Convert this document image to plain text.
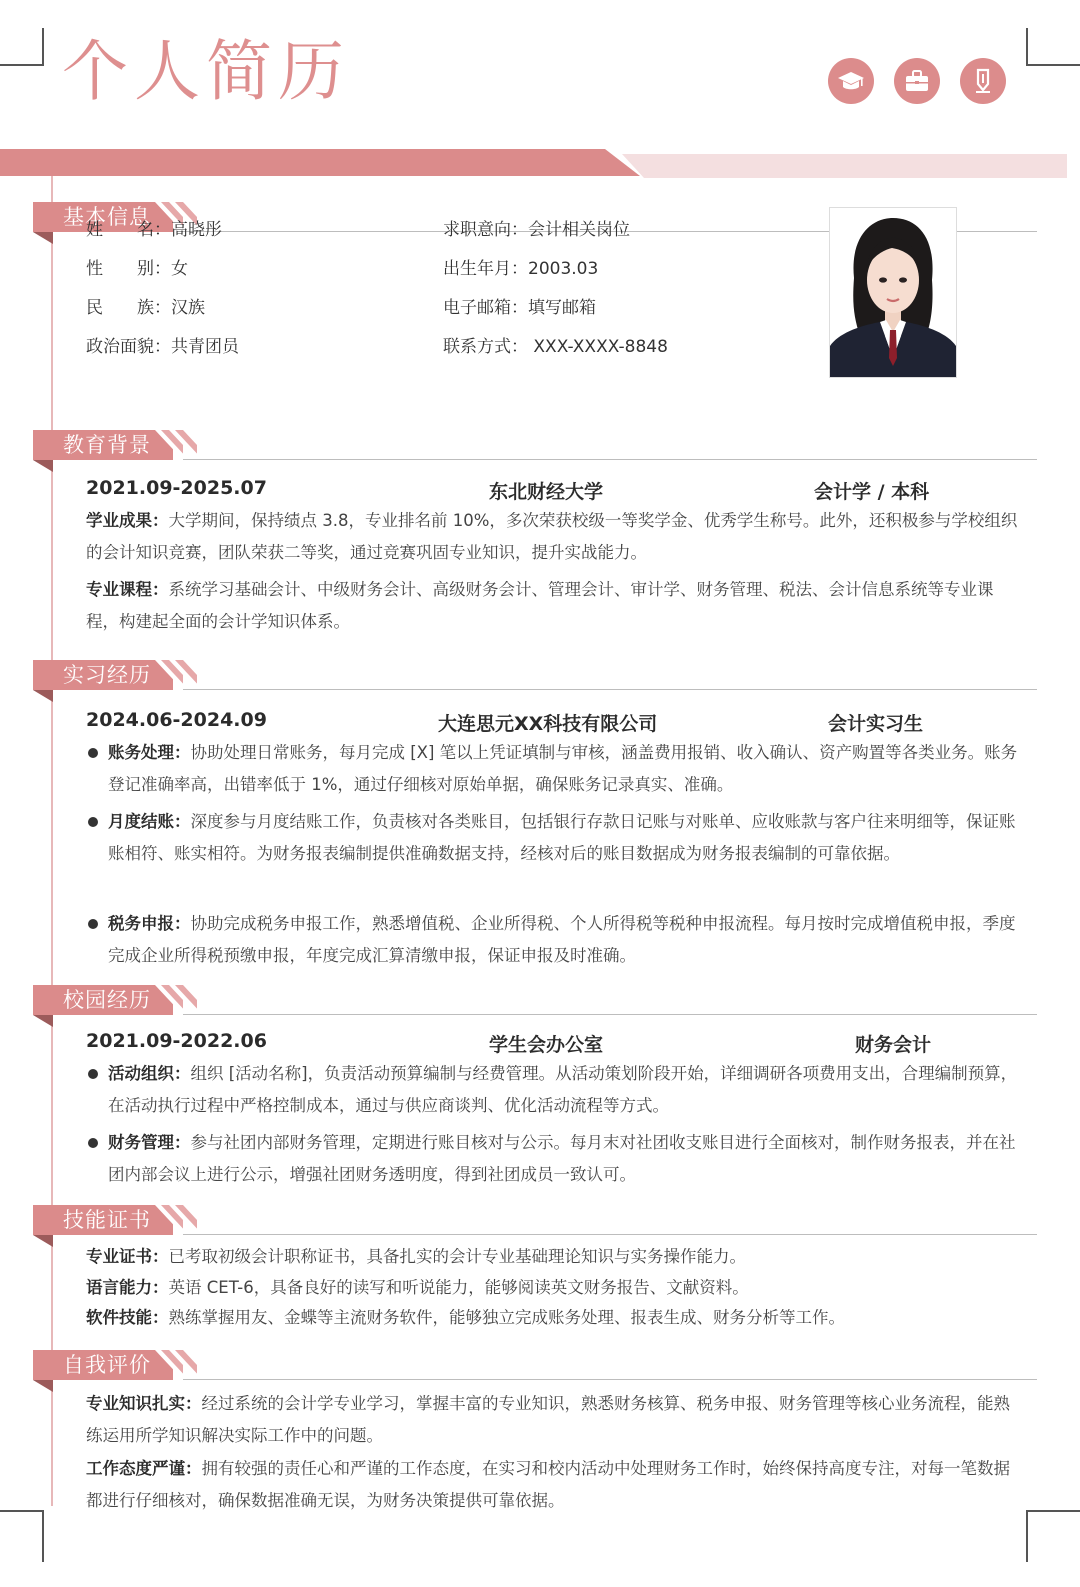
个人简历
基本信息
姓　　名：高晓彤
性　　别：女
民　　族：汉族
政治面貌：共青团员
求职意向：会计相关岗位
出生年月：2003.03
电子邮箱：填写邮箱
联系方式： XXX-XXXX-8848
教育背景
2021.09-2025.07	东北财经大学	会计学 / 本科
学业成果：大学期间，保持绩点 3.8，专业排名前 10%，多次荣获校级一等奖学金、优秀学生称号。此外，还积极参与学校组织的会计知识竞赛，团队荣获二等奖，通过竞赛巩固专业知识，提升实战能力。
专业课程：系统学习基础会计、中级财务会计、高级财务会计、管理会计、审计学、财务管理、税法、会计信息系统等专业课程，构建起全面的会计学知识体系。
实习经历
2024.06-2024.09	大连思元XX科技有限公司	会计实习生
账务处理：协助处理日常账务，每月完成 [X] 笔以上凭证填制与审核，涵盖费用报销、收入确认、资产购置等各类业务。账务登记准确率高，出错率低于 1%，通过仔细核对原始单据，确保账务记录真实、准确。
月度结账：深度参与月度结账工作，负责核对各类账目，包括银行存款日记账与对账单、应收账款与客户往来明细等，保证账账相符、账实相符。为财务报表编制提供准确数据支持，经核对后的账目数据成为财务报表编制的可靠依据。
税务申报：协助完成税务申报工作，熟悉增值税、企业所得税、个人所得税等税种申报流程。每月按时完成增值税申报，季度完成企业所得税预缴申报，年度完成汇算清缴申报，保证申报及时准确。
校园经历
2021.09-2022.06	学生会办公室	财务会计
活动组织：组织 [活动名称]，负责活动预算编制与经费管理。从活动策划阶段开始，详细调研各项费用支出，合理编制预算，在活动执行过程中严格控制成本，通过与供应商谈判、优化活动流程等方式。
财务管理：参与社团内部财务管理，定期进行账目核对与公示。每月末对社团收支账目进行全面核对，制作财务报表，并在社团内部会议上进行公示，增强社团财务透明度，得到社团成员一致认可。
技能证书
专业证书：已考取初级会计职称证书，具备扎实的会计专业基础理论知识与实务操作能力。
语言能力：英语 CET-6，具备良好的读写和听说能力，能够阅读英文财务报告、文献资料。
软件技能：熟练掌握用友、金蝶等主流财务软件，能够独立完成账务处理、报表生成、财务分析等工作。
自我评价
专业知识扎实：经过系统的会计学专业学习，掌握丰富的专业知识，熟悉财务核算、税务申报、财务管理等核心业务流程，能熟练运用所学知识解决实际工作中的问题。
工作态度严谨：拥有较强的责任心和严谨的工作态度，在实习和校内活动中处理财务工作时，始终保持高度专注，对每一笔数据都进行仔细核对，确保数据准确无误，为财务决策提供可靠依据。
